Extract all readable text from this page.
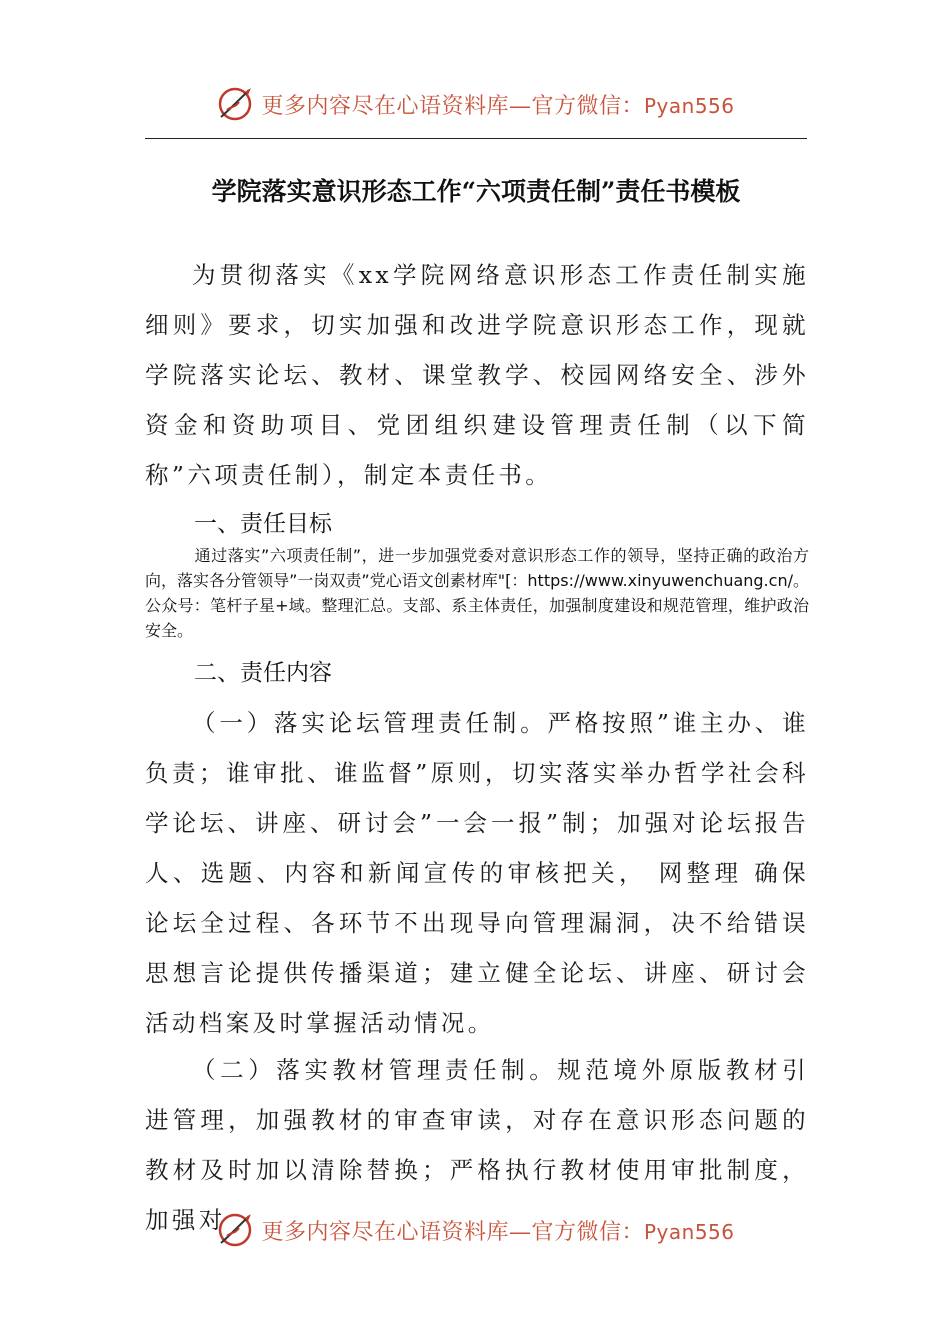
更多内容尽在心语资料库—官方微信：Pyan556
学院落实意识形态工作“六项责任制”责任书模板

为贯彻落实《xx学院网络意识形态工作责任制实施细则》要求，切实加强和改进学院意识形态工作，现就学院落实论坛、教材、课堂教学、校园网络安全、涉外资金和资助项目、党团组织建设管理责任制（以下简称”六项责任制），制定本责任书。

一、责任目标

通过落实”六项责任制”，进一步加强党委对意识形态工作的领导，坚持正确的政治方向，落实各分管领导”一岗双责”党心语文创素材库"[：https://www.xinyuwenchuang.cn/。公众号：笔杆子星+域。整理汇总。支部、系主体责任，加强制度建设和规范管理，维护政治安全。

二、责任内容

（一）落实论坛管理责任制。严格按照”谁主办、谁负责；谁审批、谁监督”原则，切实落实举办哲学社会科学论坛、讲座、研讨会”一会一报”制；加强对论坛报告人、选题、内容和新闻宣传的审核把关， 网整理 确保论坛全过程、各环节不出现导向管理漏洞，决不给错误思想言论提供传播渠道；建立健全论坛、讲座、研讨会活动档案及时掌握活动情况。

（二）落实教材管理责任制。规范境外原版教材引进管理，加强教材的审查审读，对存在意识形态问题的教材及时加以清除替换；严格执行教材使用审批制度，加强对	更多内容尽在心语资料库—官方微信：Pyan556
